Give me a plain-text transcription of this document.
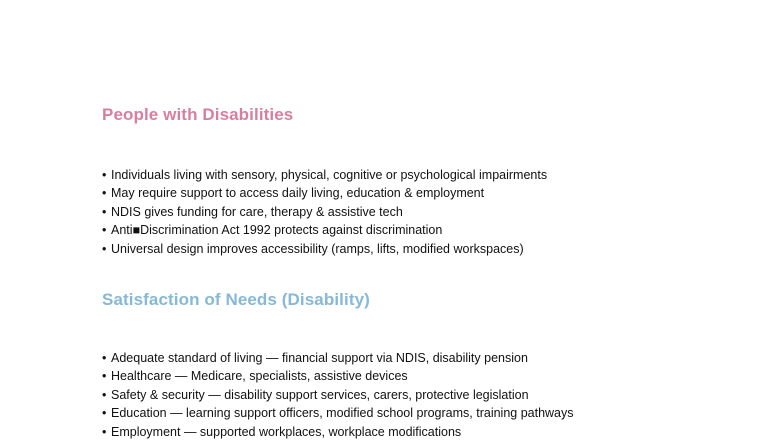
People with Disabilities
• Individuals living with sensory, physical, cognitive or psychological impairments
• May require support to access daily living, education & employment
• NDIS gives funding for care, therapy & assistive tech
• Anti■Discrimination Act 1992 protects against discrimination
• Universal design improves accessibility (ramps, lifts, modified workspaces)
Satisfaction of Needs (Disability)
• Adequate standard of living — financial support via NDIS, disability pension
• Healthcare — Medicare, specialists, assistive devices
• Safety & security — disability support services, carers, protective legislation
• Education — learning support officers, modified school programs, training pathways
• Employment — supported workplaces, workplace modifications
